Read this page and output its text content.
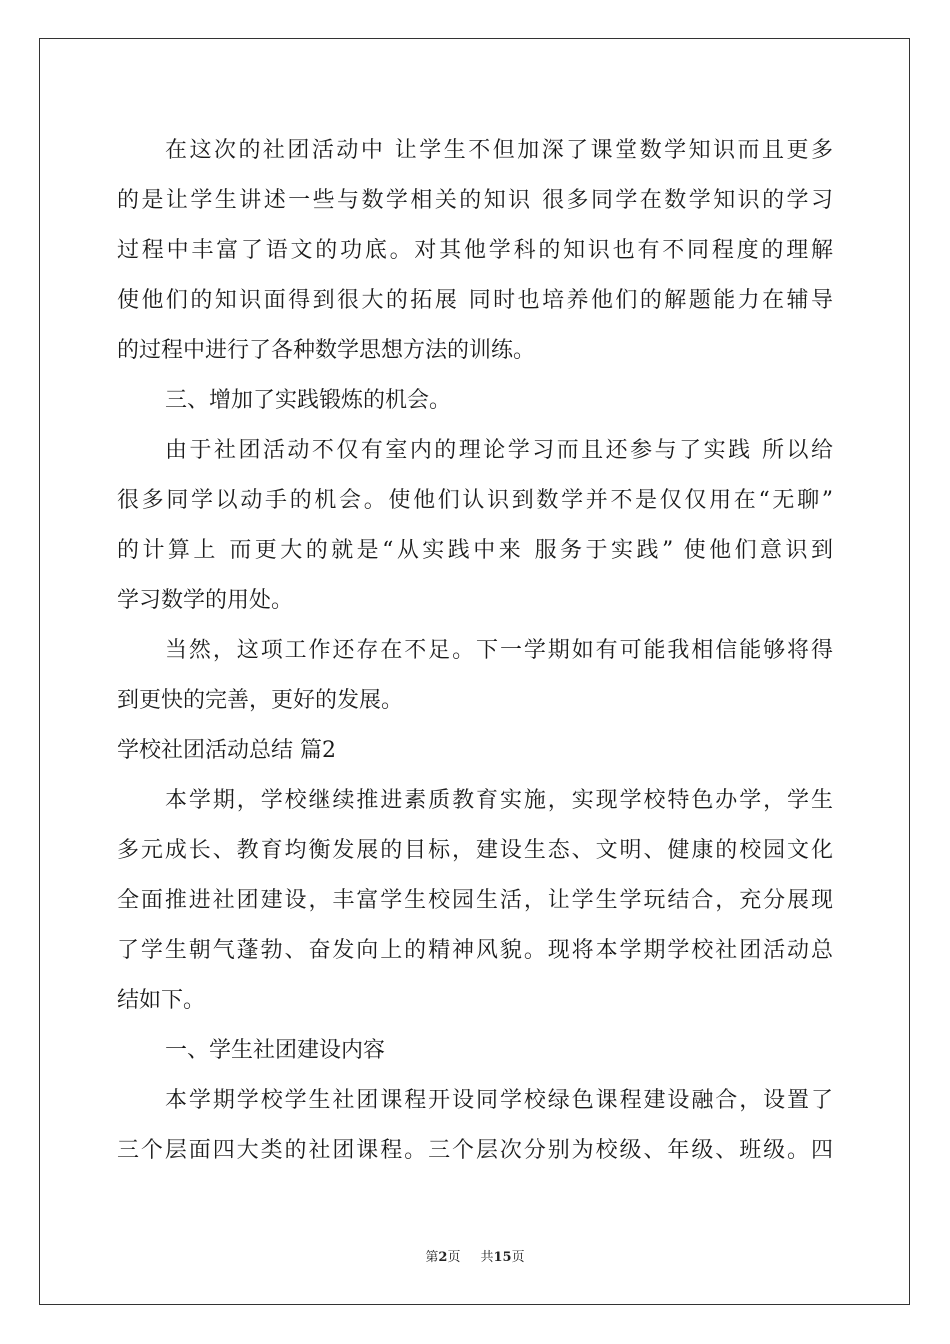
在这次的社团活动中 让学生不但加深了课堂数学知识而且更多
的是让学生讲述一些与数学相关的知识 很多同学在数学知识的学习
过程中丰富了语文的功底。对其他学科的知识也有不同程度的理解
使他们的知识面得到很大的拓展 同时也培养他们的解题能力在辅导
的过程中进行了各种数学思想方法的训练。
三、增加了实践锻炼的机会。
由于社团活动不仅有室内的理论学习而且还参与了实践 所以给
很多同学以动手的机会。使他们认识到数学并不是仅仅用在“无聊”
的计算上 而更大的就是“从实践中来 服务于实践” 使他们意识到
学习数学的用处。
当然，这项工作还存在不足。下一学期如有可能我相信能够将得
到更快的完善，更好的发展。
学校社团活动总结 篇2
本学期，学校继续推进素质教育实施，实现学校特色办学，学生
多元成长、教育均衡发展的目标，建设生态、文明、健康的校园文化
全面推进社团建设，丰富学生校园生活，让学生学玩结合，充分展现
了学生朝气蓬勃、奋发向上的精神风貌。现将本学期学校社团活动总
结如下。
一、学生社团建设内容
本学期学校学生社团课程开设同学校绿色课程建设融合，设置了
三个层面四大类的社团课程。三个层次分别为校级、年级、班级。四
第2页 共15页
